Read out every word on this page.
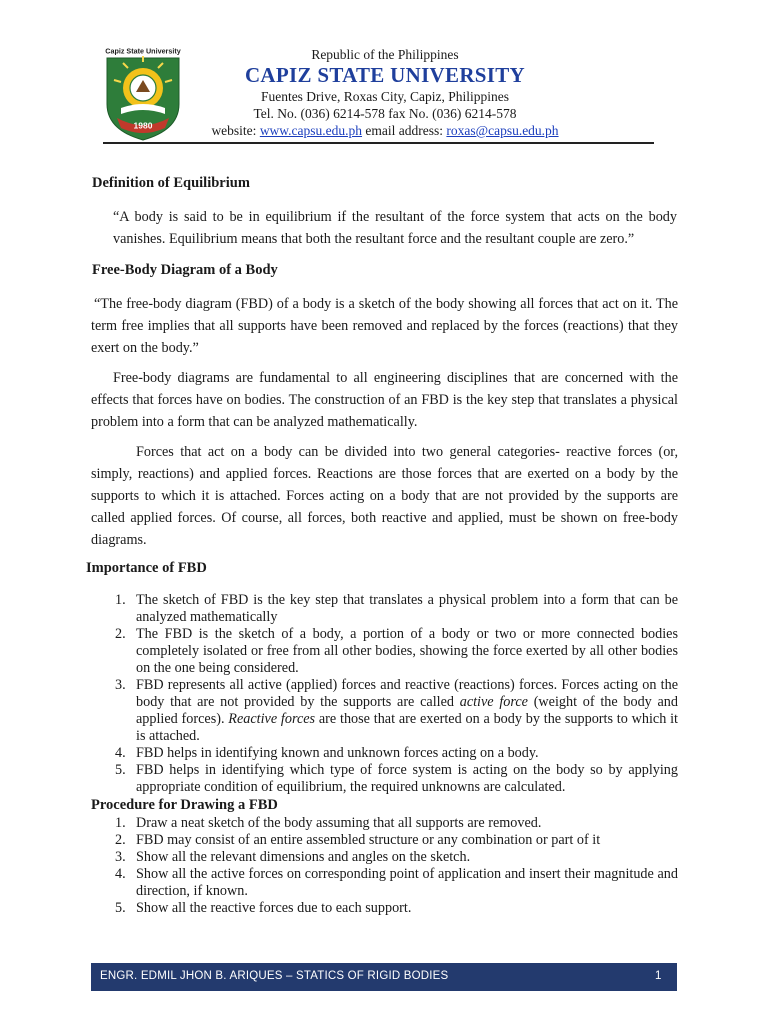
Capiz State University
1980
Republic of the Philippines
CAPIZ STATE UNIVERSITY
Fuentes Drive, Roxas City, Capiz, Philippines
Tel. No. (036) 6214-578 fax No. (036) 6214-578
website: www.capsu.edu.ph email address: roxas@capsu.edu.ph
Definition of Equilibrium
“A body is said to be in equilibrium if the resultant of the force system that acts on the body vanishes. Equilibrium means that both the resultant force and the resultant couple are zero.”
Free-Body Diagram of a Body
“The free-body diagram (FBD) of a body is a sketch of the body showing all forces that act on it. The term free implies that all supports have been removed and replaced by the forces (reactions) that they exert on the body.”
Free-body diagrams are fundamental to all engineering disciplines that are concerned with the effects that forces have on bodies. The construction of an FBD is the key step that translates a physical problem into a form that can be analyzed mathematically.
Forces that act on a body can be divided into two general categories- reactive forces (or, simply, reactions) and applied forces. Reactions are those forces that are exerted on a body by the supports to which it is attached. Forces acting on a body that are not provided by the supports are called applied forces. Of course, all forces, both reactive and applied, must be shown on free-body diagrams.
Importance of FBD
1. The sketch of FBD is the key step that translates a physical problem into a form that can be analyzed mathematically
2. The FBD is the sketch of a body, a portion of a body or two or more connected bodies completely isolated or free from all other bodies, showing the force exerted by all other bodies on the one being considered.
3. FBD represents all active (applied) forces and reactive (reactions) forces. Forces acting on the body that are not provided by the supports are called active force (weight of the body and applied forces). Reactive forces are those that are exerted on a body by the supports to which it is attached.
4. FBD helps in identifying known and unknown forces acting on a body.
5. FBD helps in identifying which type of force system is acting on the body so by applying appropriate condition of equilibrium, the required unknowns are calculated.
Procedure for Drawing a FBD
1. Draw a neat sketch of the body assuming that all supports are removed.
2. FBD may consist of an entire assembled structure or any combination or part of it
3. Show all the relevant dimensions and angles on the sketch.
4. Show all the active forces on corresponding point of application and insert their magnitude and direction, if known.
5. Show all the reactive forces due to each support.
ENGR. EDMIL JHON B. ARIQUES – STATICS OF RIGID BODIES	1
